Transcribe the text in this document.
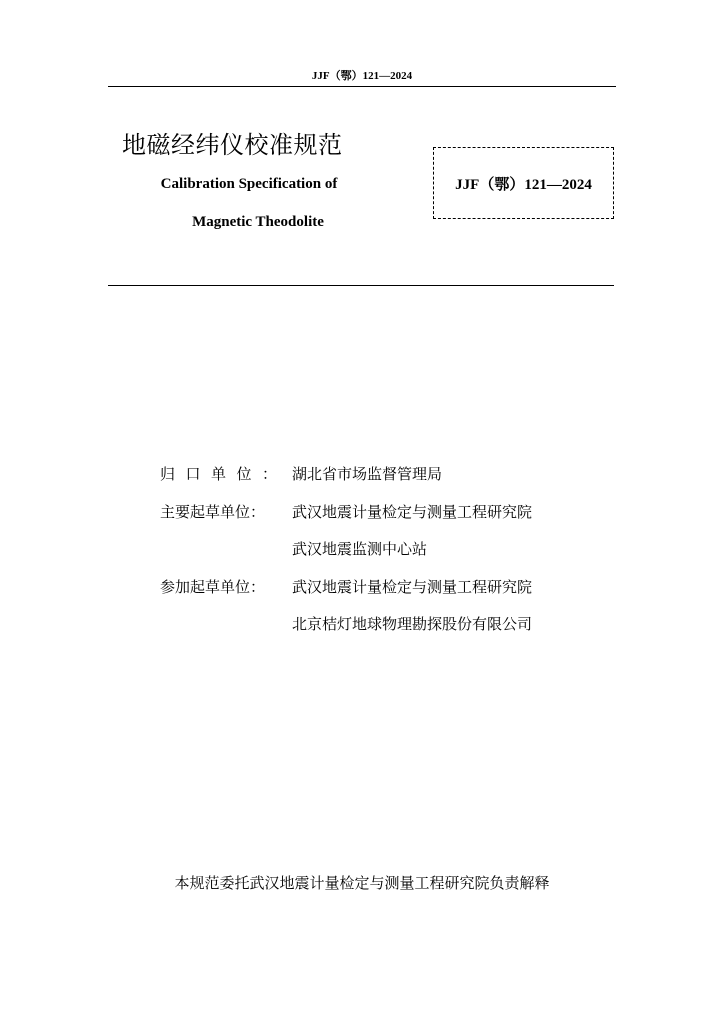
JJF（鄂）121—2024
地磁经纬仪校准规范
Calibration Specification of
Magnetic Theodolite
JJF（鄂）121—2024
归口单位： 湖北省市场监督管理局
主要起草单位：	武汉地震计量检定与测量工程研究院
武汉地震监测中心站
参加起草单位：	武汉地震计量检定与测量工程研究院
北京桔灯地球物理勘探股份有限公司
本规范委托武汉地震计量检定与测量工程研究院负责解释
